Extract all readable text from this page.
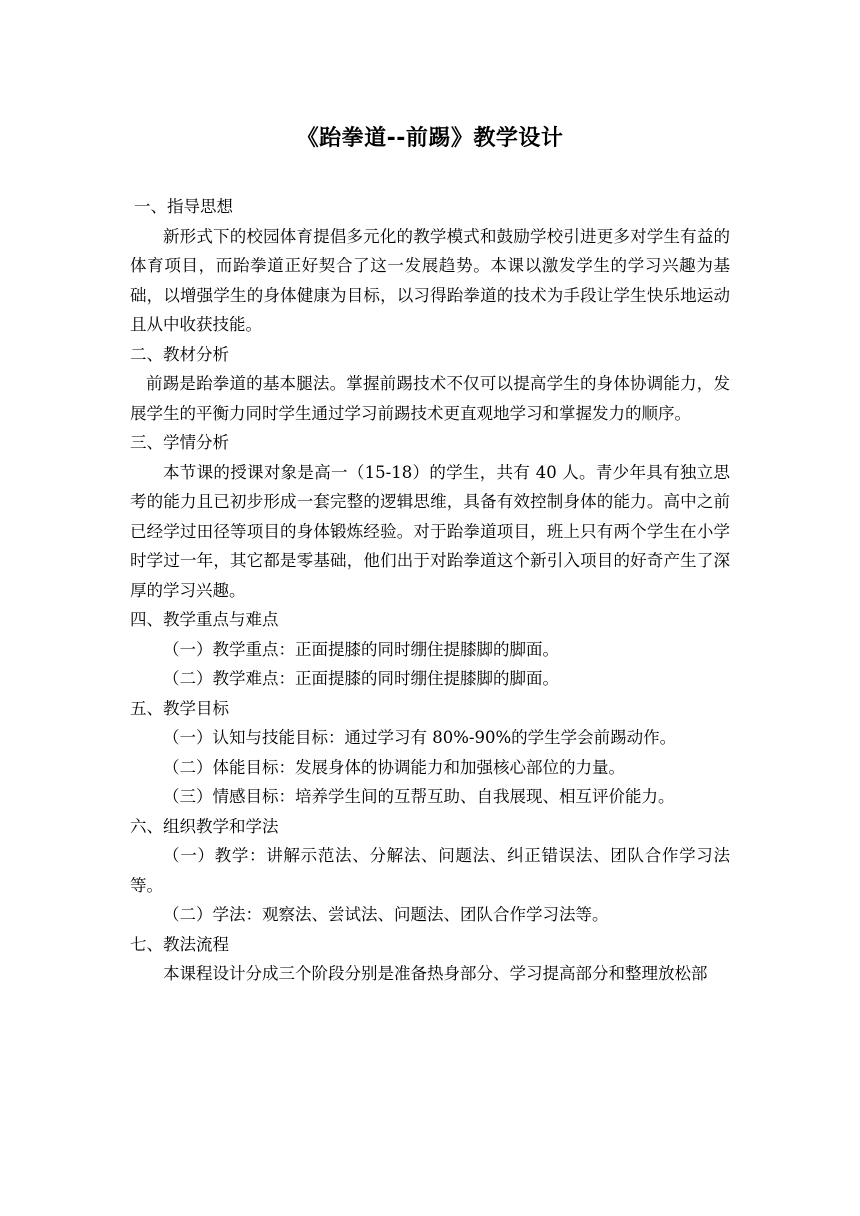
《跆拳道--前踢》教学设计

一、指导思想

新形式下的校园体育提倡多元化的教学模式和鼓励学校引进更多对学生有益的体育项目，而跆拳道正好契合了这一发展趋势。本课以激发学生的学习兴趣为基础，以增强学生的身体健康为目标，以习得跆拳道的技术为手段让学生快乐地运动且从中收获技能。

二、教材分析

前踢是跆拳道的基本腿法。掌握前踢技术不仅可以提高学生的身体协调能力，发展学生的平衡力同时学生通过学习前踢技术更直观地学习和掌握发力的顺序。

三、学情分析

本节课的授课对象是高一（15-18）的学生，共有 40 人。青少年具有独立思考的能力且已初步形成一套完整的逻辑思维，具备有效控制身体的能力。高中之前已经学过田径等项目的身体锻炼经验。对于跆拳道项目，班上只有两个学生在小学时学过一年，其它都是零基础，他们出于对跆拳道这个新引入项目的好奇产生了深厚的学习兴趣。

四、教学重点与难点

（一）教学重点：正面提膝的同时绷住提膝脚的脚面。

（二）教学难点：正面提膝的同时绷住提膝脚的脚面。

五、教学目标

（一）认知与技能目标：通过学习有 80%-90%的学生学会前踢动作。

（二）体能目标：发展身体的协调能力和加强核心部位的力量。

（三）情感目标：培养学生间的互帮互助、自我展现、相互评价能力。

六、组织教学和学法

（一）教学：讲解示范法、分解法、问题法、纠正错误法、团队合作学习法等。

（二）学法：观察法、尝试法、问题法、团队合作学习法等。

七、教法流程

本课程设计分成三个阶段分别是准备热身部分、学习提高部分和整理放松部
